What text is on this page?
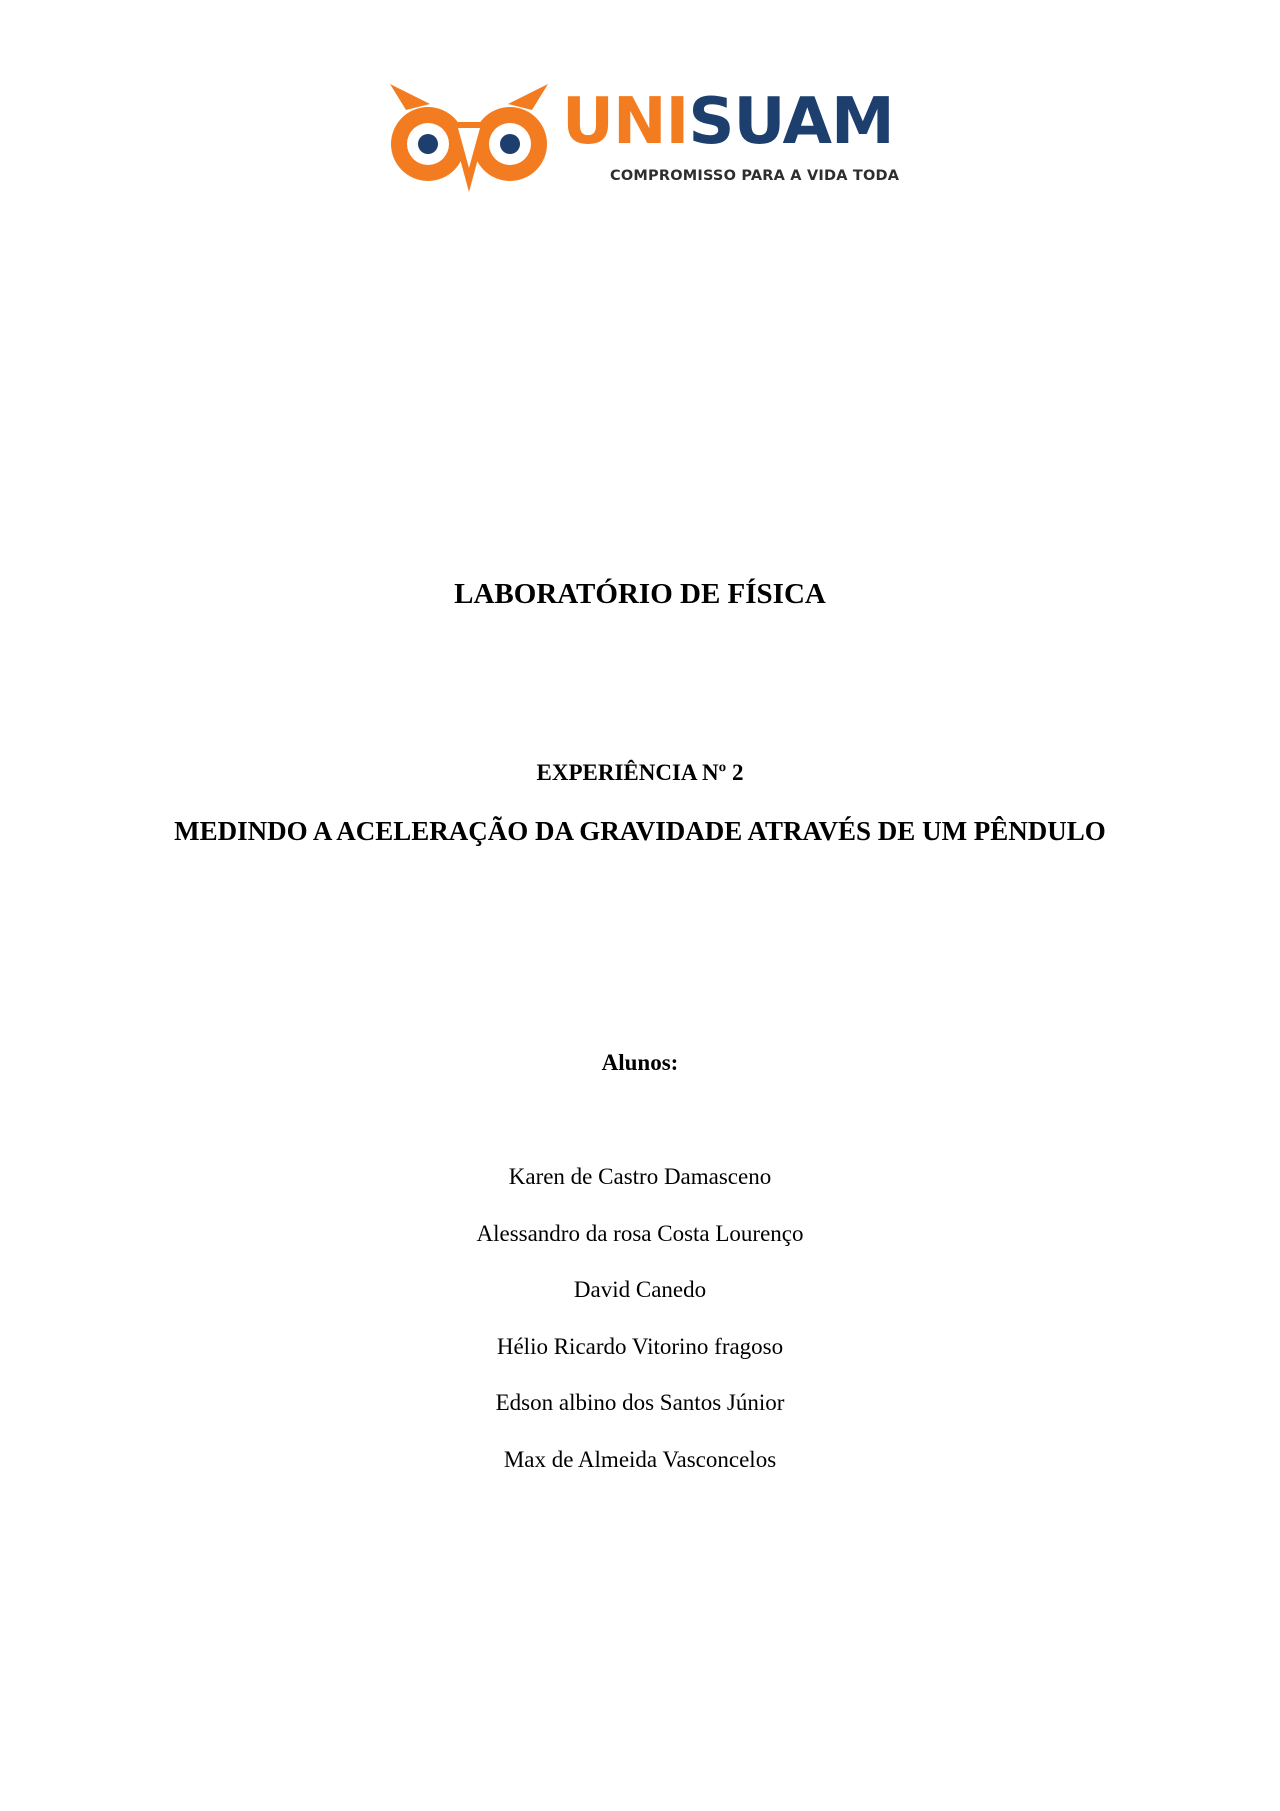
UNISUAM
COMPROMISSO PARA A VIDA TODA
LABORATÓRIO DE FÍSICA
EXPERIÊNCIA Nº 2
MEDINDO A ACELERAÇÃO DA GRAVIDADE ATRAVÉS DE UM PÊNDULO
Alunos:
Karen de Castro Damasceno
Alessandro da rosa Costa Lourenço
David Canedo
Hélio Ricardo Vitorino fragoso
Edson albino dos Santos Júnior
Max de Almeida Vasconcelos
